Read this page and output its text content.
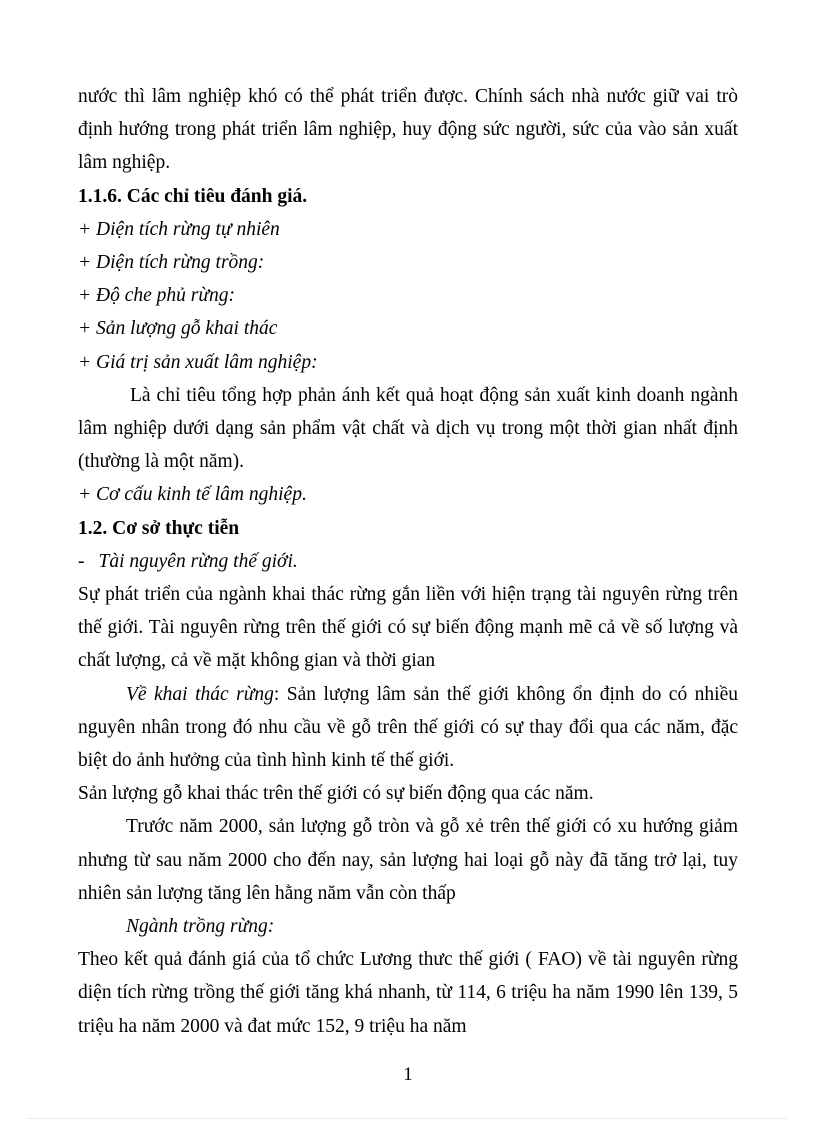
nước thì lâm nghiệp khó có thể phát triển được. Chính sách nhà nước giữ vai trò định hướng trong phát triển lâm nghiệp, huy động sức người, sức của vào sản xuất lâm nghiệp.

1.1.6. Các chỉ tiêu đánh giá.
+ Diện tích rừng tự nhiên
+ Diện tích rừng trồng:
+ Độ che phủ rừng:
+ Sản lượng gỗ khai thác
+ Giá trị sản xuất lâm nghiệp:

Là chỉ tiêu tổng hợp phản ánh kết quả hoạt động sản xuất kinh doanh ngành lâm nghiệp dưới dạng sản phẩm vật chất và dịch vụ trong một thời gian nhất định (thường là một năm).

+ Cơ cấu kinh tế lâm nghiệp.
1.2. Cơ sở thực tiễn
- Tài nguyên rừng thế giới.

Sự phát triển của ngành khai thác rừng gắn liền với hiện trạng tài nguyên rừng trên thế giới. Tài nguyên rừng trên thế giới có sự biến động mạnh mẽ cả về số lượng và chất lượng, cả về mặt không gian và thời gian

Về khai thác rừng: Sản lượng lâm sản thế giới không ổn định do có nhiều nguyên nhân trong đó nhu cầu về gỗ trên thế giới có sự thay đổi qua các năm, đặc biệt do ảnh hưởng của tình hình kinh tế thế giới.

Sản lượng gỗ khai thác trên thế giới có sự biến động qua các năm.

Trước năm 2000, sản lượng gỗ tròn và gỗ xẻ trên thế giới có xu hướng giảm nhưng từ sau năm 2000 cho đến nay, sản lượng hai loại gỗ này đã tăng trở lại, tuy nhiên sản lượng tăng lên hằng năm vẫn còn thấp

Ngành trồng rừng:

Theo kết quả đánh giá của tổ chức Lương thưc thế giới ( FAO) về tài nguyên rừng diện tích rừng trồng thế giới tăng khá nhanh, từ 114, 6 triệu ha năm 1990 lên 139, 5 triệu ha năm 2000 và đat mức 152, 9 triệu ha năm

1
